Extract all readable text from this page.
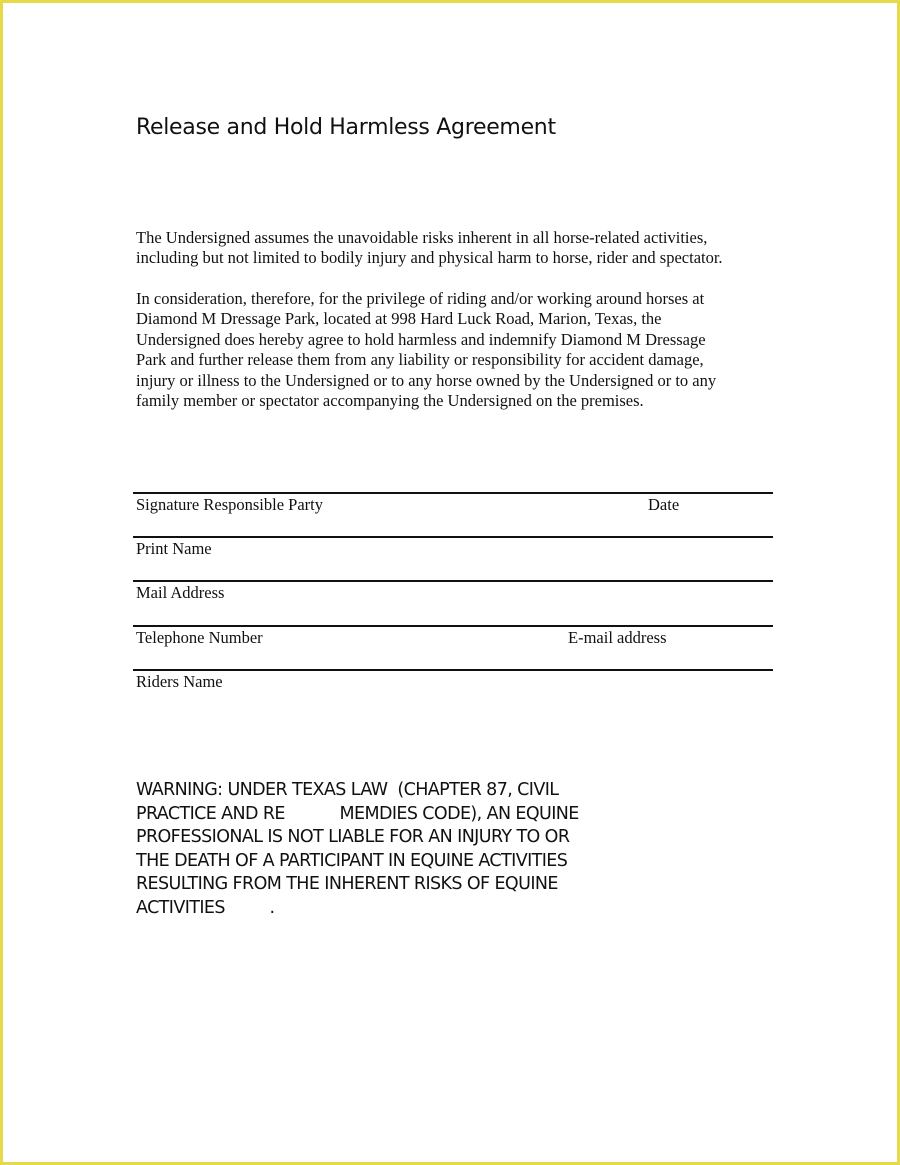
Release and Hold Harmless Agreement
The Undersigned assumes the unavoidable risks inherent in all horse-related activities,
including but not limited to bodily injury and physical harm to horse, rider and spectator.
In consideration, therefore, for the privilege of riding and/or working around horses at
Diamond M Dressage Park, located at 998 Hard Luck Road, Marion, Texas, the
Undersigned does hereby agree to hold harmless and indemnify Diamond M Dressage
Park and further release them from any liability or responsibility for accident damage,
injury or illness to the Undersigned or to any horse owned by the Undersigned or to any
family member or spectator accompanying the Undersigned on the premises.
Signature Responsible Party	Date
Print Name
Mail Address
Telephone Number	E-mail address
Riders Name
WARNING: UNDER TEXAS LAW  (CHAPTER 87, CIVIL
PRACTICE AND RE           MEMDIES CODE), AN EQUINE
PROFESSIONAL IS NOT LIABLE FOR AN INJURY TO OR
THE DEATH OF A PARTICIPANT IN EQUINE ACTIVITIES
RESULTING FROM THE INHERENT RISKS OF EQUINE
ACTIVITIES         .
